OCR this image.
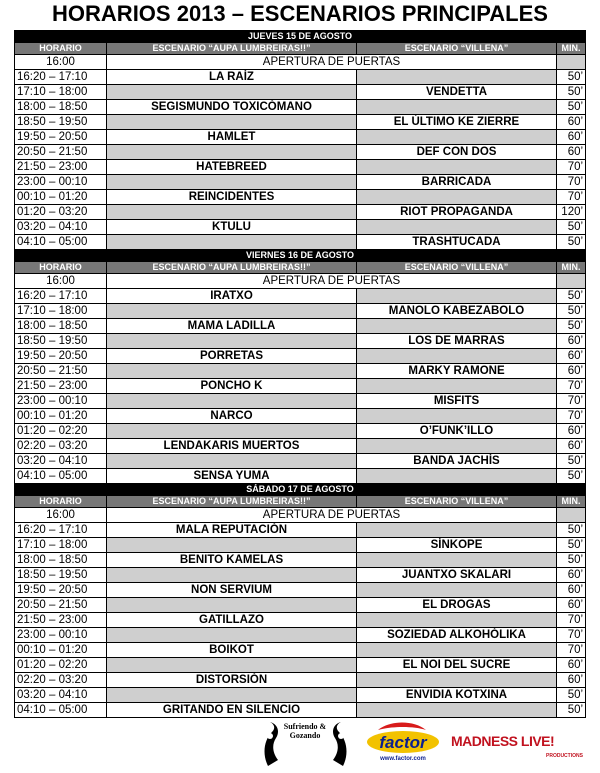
HORARIOS 2013 – ESCENARIOS PRINCIPALES
JUEVES 15 DE AGOSTO			
HORARIO	ESCENARIO “AUPA LUMBREIRAS!!”	ESCENARIO “VILLENA”	MIN.
16:00	APERTURA DE PUERTAS		
16:20 – 17:10	LA RAÍZ		50’
17:10 – 18:00		VENDETTA	50’
18:00 – 18:50	SEGISMUNDO TOXICÓMANO		50’
18:50 – 19:50		EL ÚLTIMO KE ZIERRE	60’
19:50 – 20:50	HAMLET		60’
20:50 – 21:50		DEF CON DOS	60’
21:50 – 23:00	HATEBREED		70’
23:00 – 00:10		BARRICADA	70’
00:10 – 01:20	REINCIDENTES		70’
01:20 – 03:20		RIOT PROPAGANDA	120’
03:20 – 04:10	KTULU		50’
04:10 – 05:00		TRASHTUCADA	50’
VIERNES 16 DE AGOSTO			
HORARIO	ESCENARIO “AUPA LUMBREIRAS!!”	ESCENARIO “VILLENA”	MIN.
16:00	APERTURA DE PUERTAS		
16:20 – 17:10	IRATXO		50’
17:10 – 18:00		MANOLO KABEZABOLO	50’
18:00 – 18:50	MAMA LADILLA		50’
18:50 – 19:50		LOS DE MARRAS	60’
19:50 – 20:50	PORRETAS		60’
20:50 – 21:50		MARKY RAMONE	60’
21:50 – 23:00	PONCHO K		70’
23:00 – 00:10		MISFITS	70’
00:10 – 01:20	NARCO		70’
01:20 – 02:20		O’FUNK’ILLO	60’
02:20 – 03:20	LENDAKARIS MUERTOS		60’
03:20 – 04:10		BANDA JACHÍS	50’
04:10 – 05:00	SENSA YUMA		50’
SÁBADO 17 DE AGOSTO			
HORARIO	ESCENARIO “AUPA LUMBREIRAS!!”	ESCENARIO “VILLENA”	MIN.
16:00	APERTURA DE PUERTAS		
16:20 – 17:10	MALA REPUTACIÓN		50’
17:10 – 18:00		SÍNKOPE	50’
18:00 – 18:50	BENITO KAMELAS		50’
18:50 – 19:50		JUANTXO SKALARI	60’
19:50 – 20:50	NON SERVIUM		60’
20:50 – 21:50		EL DROGAS	60’
21:50 – 23:00	GATILLAZO		70’
23:00 – 00:10		SOZIEDAD ALKOHÓLIKA	70’
00:10 – 01:20	BOIKOT		70’
01:20 – 02:20		EL NOI DEL SUCRE	60’
02:20 – 03:20	DISTORSIÓN		60’
03:20 – 04:10		ENVIDIA KOTXINA	50’
04:10 – 05:00	GRITANDO EN SILENCIO		50’
Sufriendo & Gozando	factor
www.factor.com
MADNESS LIVE!
PRODUCTIONS
